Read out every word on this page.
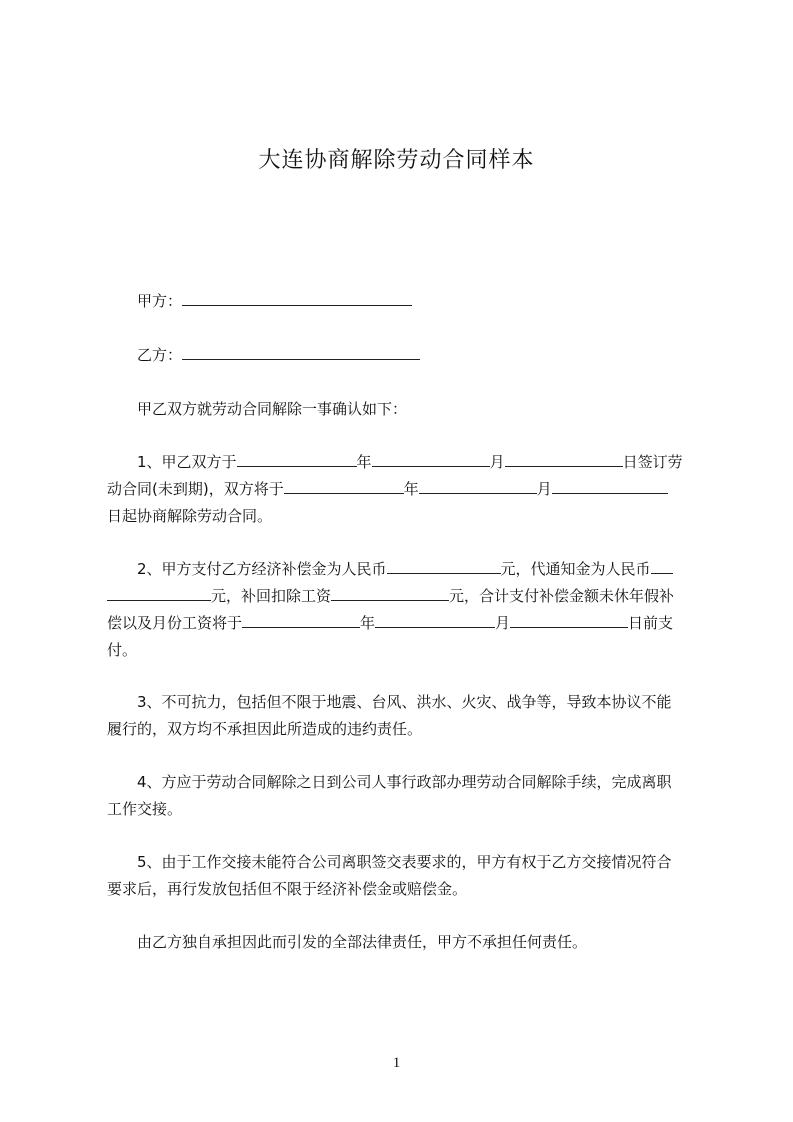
大连协商解除劳动合同样本
甲方：
乙方：
甲乙双方就劳动合同解除一事确认如下：
1、甲乙双方于	年	月	日签订劳
动合同(未到期)，双方将于	年	月
日起协商解除劳动合同。
2、甲方支付乙方经济补偿金为人民币	元，代通知金为人民币
元，补回扣除工资	元，合计支付补偿金额未休年假补
偿以及月份工资将于	年	月	日前支
付。
3、不可抗力，包括但不限于地震、台风、洪水、火灾、战争等，导致本协议不能
履行的，双方均不承担因此所造成的违约责任。
4、方应于劳动合同解除之日到公司人事行政部办理劳动合同解除手续，完成离职
工作交接。
5、由于工作交接未能符合公司离职签交表要求的，甲方有权于乙方交接情况符合
要求后，再行发放包括但不限于经济补偿金或赔偿金。
由乙方独自承担因此而引发的全部法律责任，甲方不承担任何责任。
1
